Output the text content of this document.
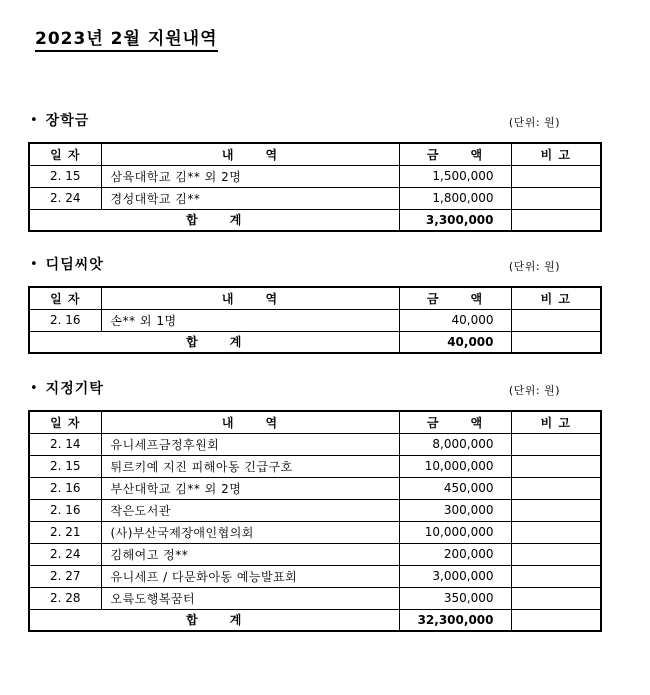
2023년 2월 지원내역
• 장학금	(단위: 원)
일 자	내      역	금      액	비 고
2. 15	삼육대학교 김** 외 2명	1,500,000	
2. 24	경성대학교 김**	1,800,000	
합      계		3,300,000	
• 디딤씨앗	(단위: 원)
일 자	내      역	금      액	비 고
2. 16	손** 외 1명	40,000	
합      계		40,000	
• 지정기탁	(단위: 원)
일 자	내      역	금      액	비 고
2. 14	유니세프금정후원회	8,000,000	
2. 15	튀르키예 지진 피해아동 긴급구호	10,000,000	
2. 16	부산대학교 김** 외 2명	450,000	
2. 16	작은도서관	300,000	
2. 21	(사)부산국제장애인협의회	10,000,000	
2. 24	김해여고 정**	200,000	
2. 27	유니세프 / 다문화아동 예능발표회	3,000,000	
2. 28	오륙도행복꿈터	350,000	
합      계		32,300,000	
